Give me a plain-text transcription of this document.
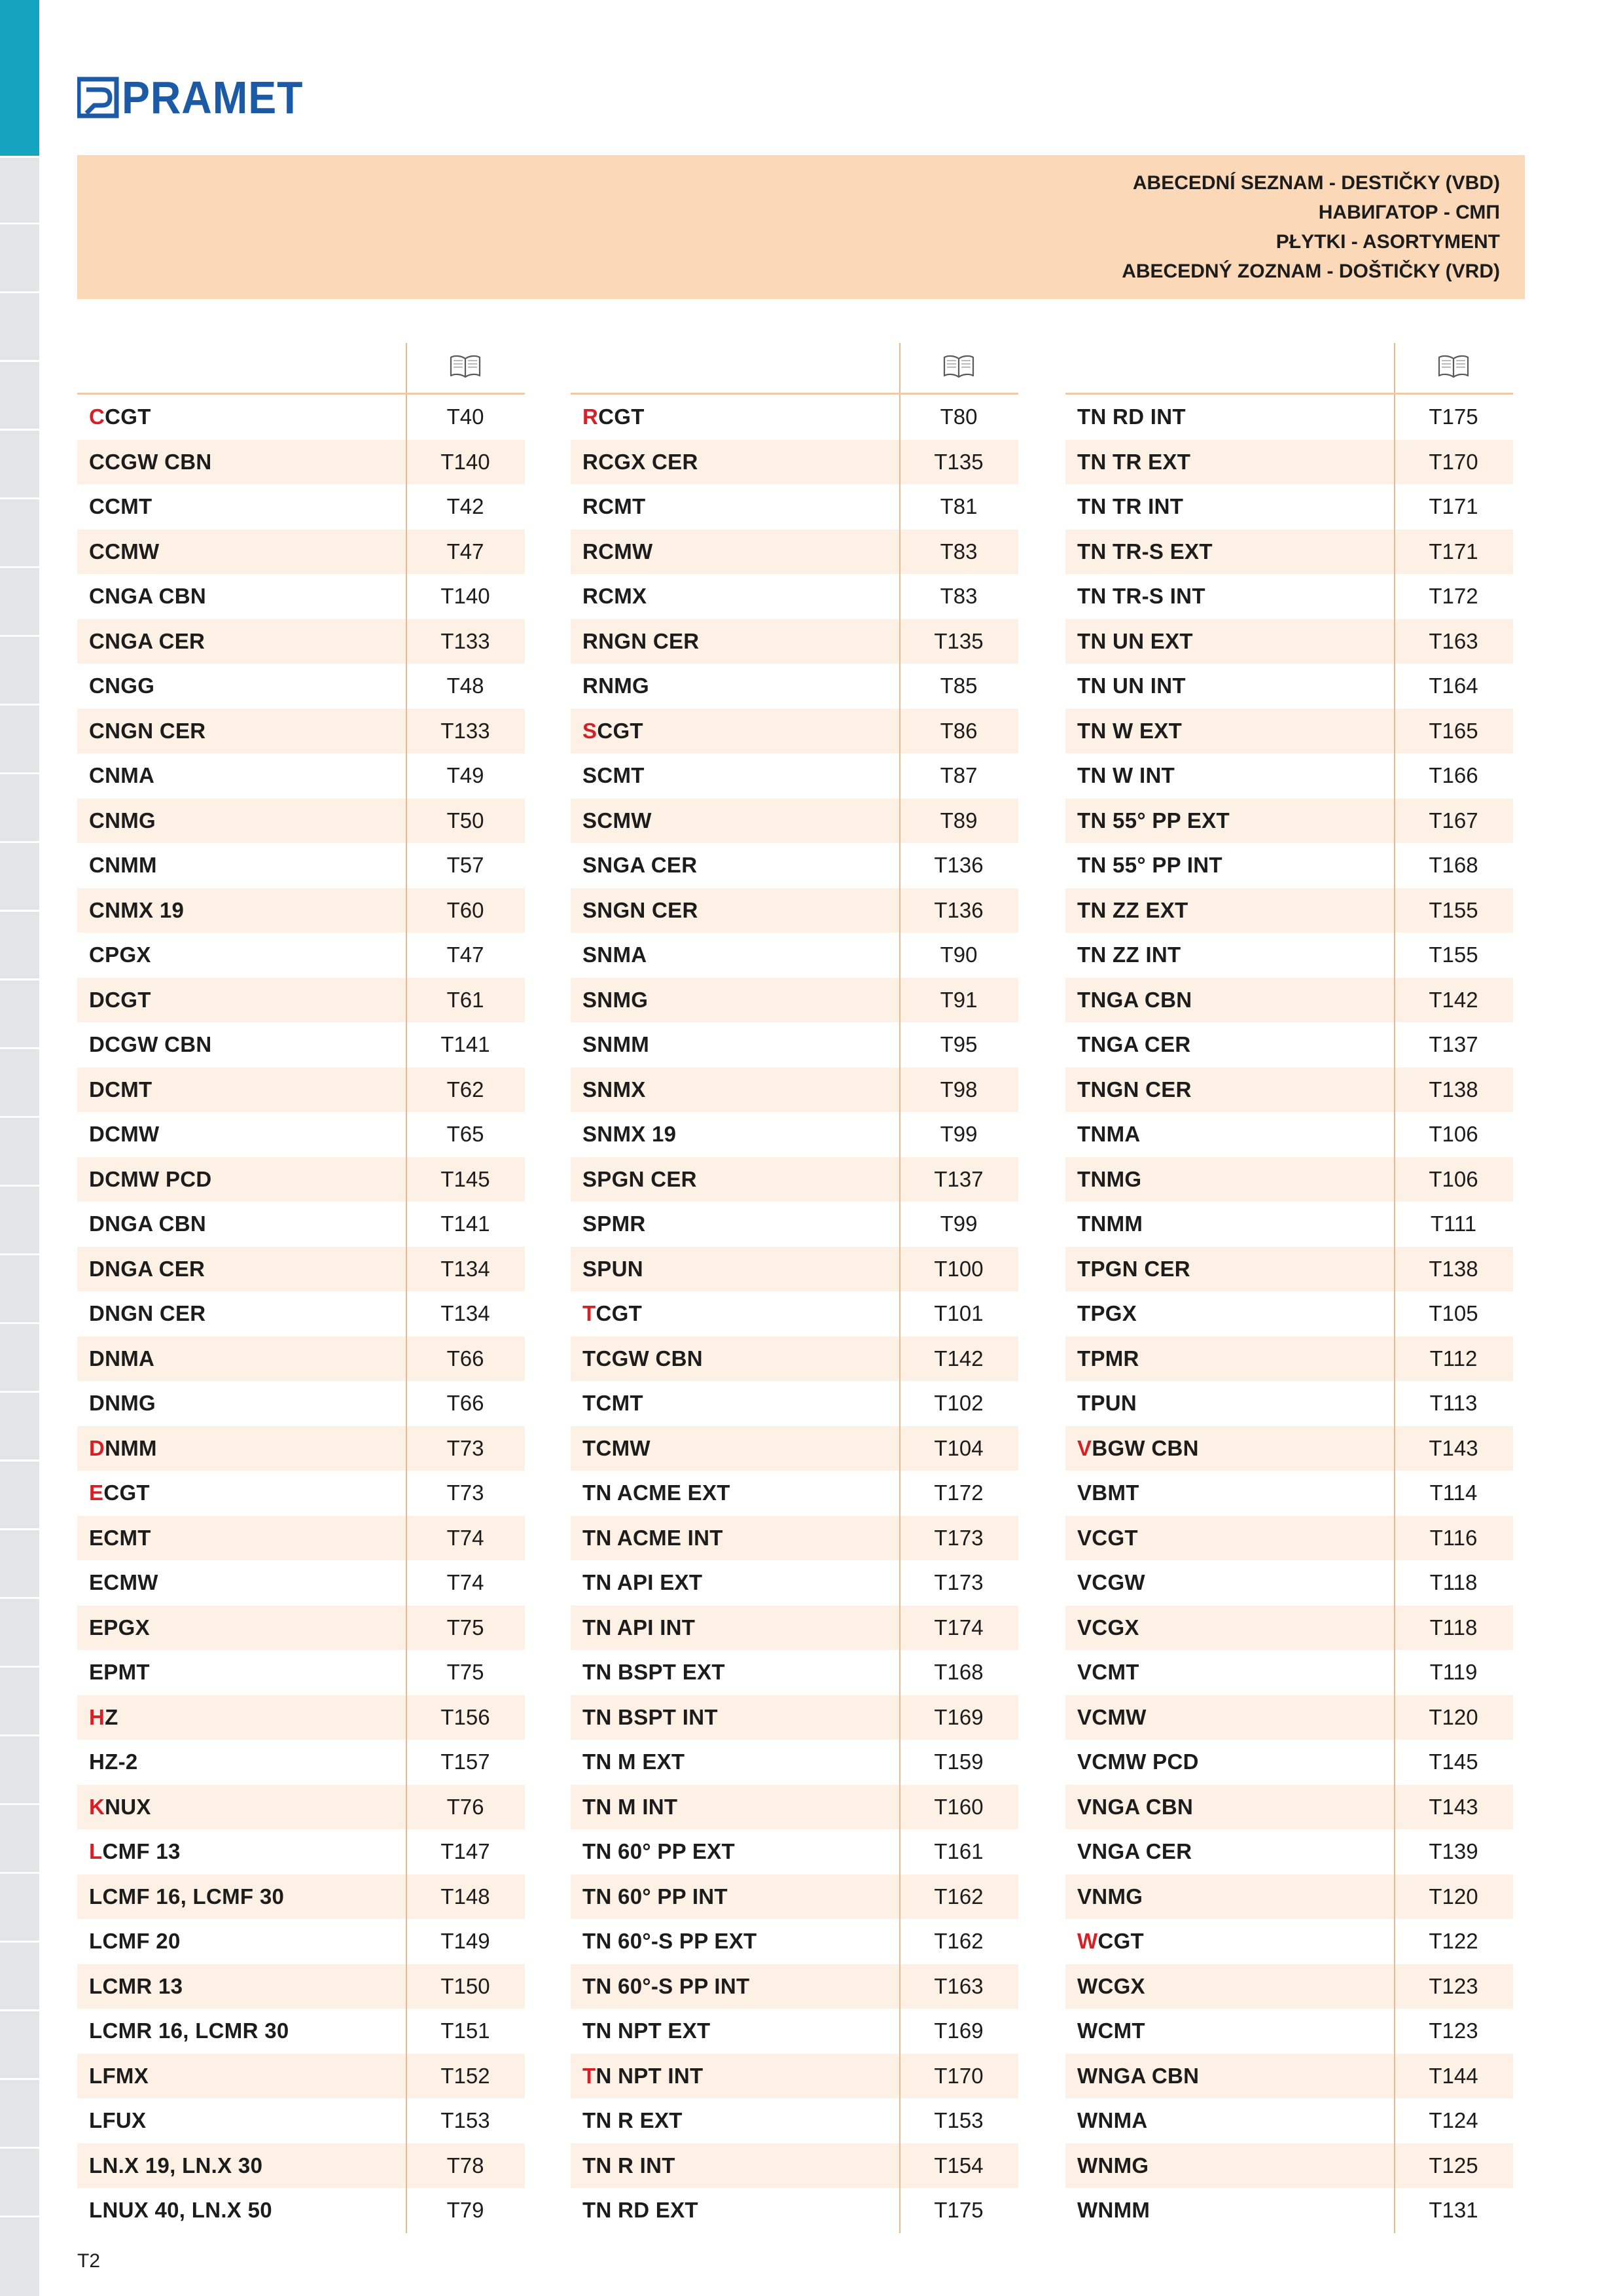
PRAMET
ABECEDNÍ SEZNAM - DESTIČKY (VBD)
НАВИГАТОР - СМП
PŁYTKI - ASORTYMENT
ABECEDNÝ ZOZNAM - DOŠTIČKY (VRD)
CCGT	T40
CCGW CBN	T140
CCMT	T42
CCMW	T47
CNGA CBN	T140
CNGA CER	T133
CNGG	T48
CNGN CER	T133
CNMA	T49
CNMG	T50
CNMM	T57
CNMX 19	T60
CPGX	T47
DCGT	T61
DCGW CBN	T141
DCMT	T62
DCMW	T65
DCMW PCD	T145
DNGA CBN	T141
DNGA CER	T134
DNGN CER	T134
DNMA	T66
DNMG	T66
DNMM	T73
ECGT	T73
ECMT	T74
ECMW	T74
EPGX	T75
EPMT	T75
HZ	T156
HZ-2	T157
KNUX	T76
LCMF 13	T147
LCMF 16, LCMF 30	T148
LCMF 20	T149
LCMR 13	T150
LCMR 16, LCMR 30	T151
LFMX	T152
LFUX	T153
LN.X 19, LN.X 30	T78
LNUX 40, LN.X 50	T79
RCGT	T80
RCGX CER	T135
RCMT	T81
RCMW	T83
RCMX	T83
RNGN CER	T135
RNMG	T85
SCGT	T86
SCMT	T87
SCMW	T89
SNGA CER	T136
SNGN CER	T136
SNMA	T90
SNMG	T91
SNMM	T95
SNMX	T98
SNMX 19	T99
SPGN CER	T137
SPMR	T99
SPUN	T100
TCGT	T101
TCGW CBN	T142
TCMT	T102
TCMW	T104
TN ACME EXT	T172
TN ACME INT	T173
TN API EXT	T173
TN API INT	T174
TN BSPT EXT	T168
TN BSPT INT	T169
TN M EXT	T159
TN M INT	T160
TN 60° PP EXT	T161
TN 60° PP INT	T162
TN 60°-S PP EXT	T162
TN 60°-S PP INT	T163
TN NPT EXT	T169
TN NPT INT	T170
TN R EXT	T153
TN R INT	T154
TN RD EXT	T175
TN RD INT	T175
TN TR EXT	T170
TN TR INT	T171
TN TR-S EXT	T171
TN TR-S INT	T172
TN UN EXT	T163
TN UN INT	T164
TN W EXT	T165
TN W INT	T166
TN 55° PP EXT	T167
TN 55° PP INT	T168
TN ZZ EXT	T155
TN ZZ INT	T155
TNGA CBN	T142
TNGA CER	T137
TNGN CER	T138
TNMA	T106
TNMG	T106
TNMM	T111
TPGN CER	T138
TPGX	T105
TPMR	T112
TPUN	T113
VBGW CBN	T143
VBMT	T114
VCGT	T116
VCGW	T118
VCGX	T118
VCMT	T119
VCMW	T120
VCMW PCD	T145
VNGA CBN	T143
VNGA CER	T139
VNMG	T120
WCGT	T122
WCGX	T123
WCMT	T123
WNGA CBN	T144
WNMA	T124
WNMG	T125
WNMM	T131
T2
